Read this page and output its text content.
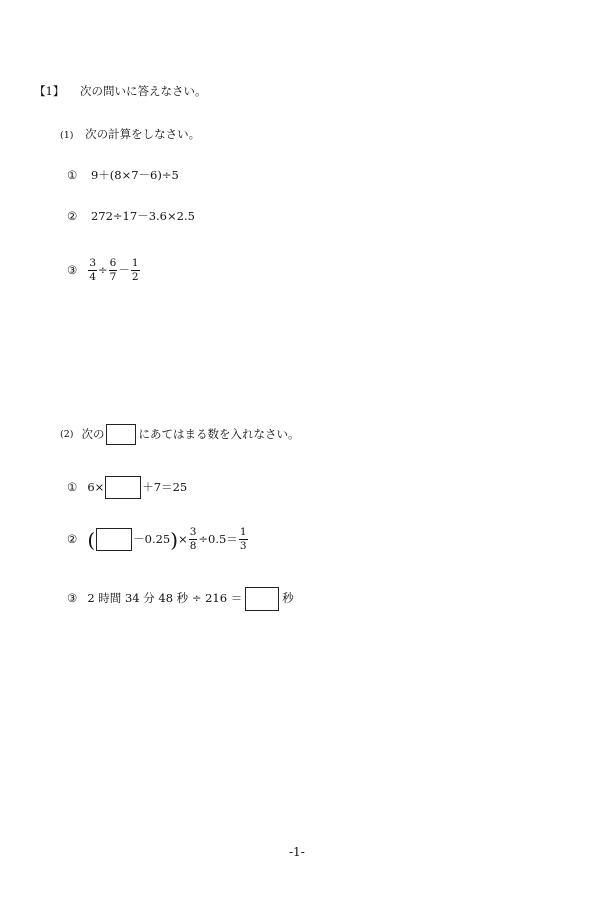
【1】 次の問いに答えなさい。
(1) 次の計算をしなさい。
① 9＋(8×7－6)÷5
② 272÷17－3.6×2.5
③ $\frac{3}{4} \div \frac{6}{7} - \frac{1}{2}$
(2) 次の	にあてはまる数を入れなさい。
① 6×	＋7＝25
② (	－0.25 ) × $\frac{3}{8} \div 0.5= \frac{1}{3}$
③ 2 時間 34 分 48 秒 ÷ 216 ＝	秒
-1-
